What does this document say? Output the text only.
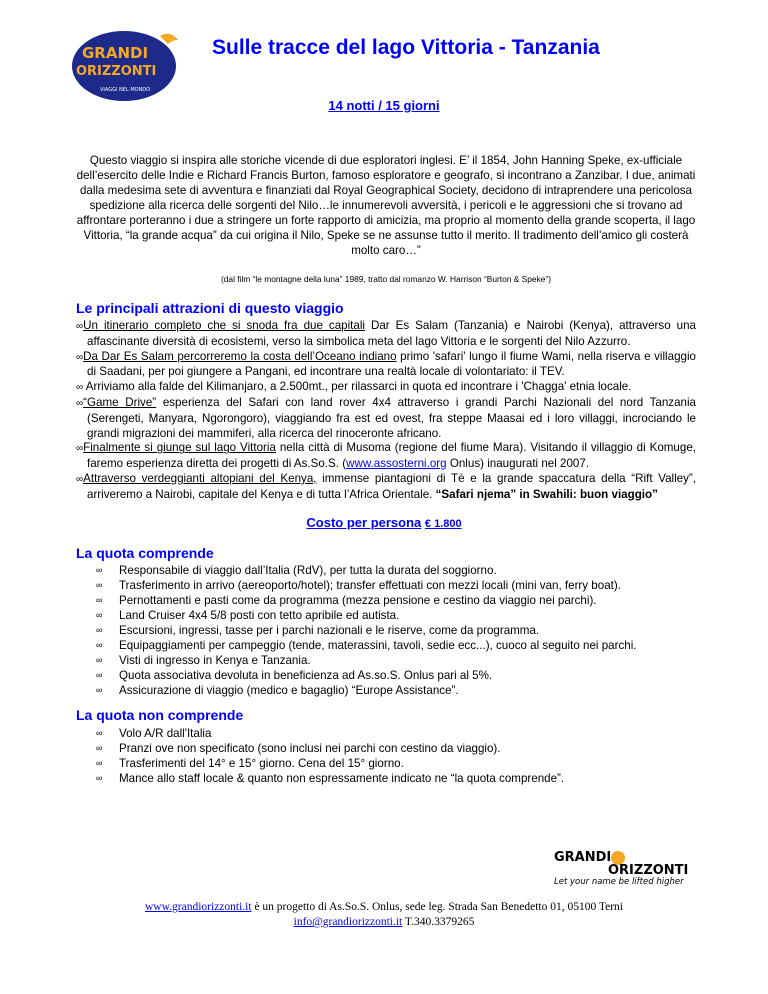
GRANDI
ORIZZONTI
VIAGGI NEL MONDO
Sulle tracce del lago Vittoria - Tanzania
14 notti / 15 giorni
Questo viaggio si inspira alle storiche vicende di due esploratori inglesi. E’ il 1854, John Hanning Speke, ex-ufficiale dell’esercito delle Indie e Richard Francis Burton, famoso esploratore e geografo, si incontrano a Zanzibar. I due, animati dalla medesima sete di avventura e finanziati dal Royal Geographical Society, decidono di intraprendere una pericolosa spedizione alla ricerca delle sorgenti del Nilo…le innumerevoli avversità, i pericoli e le aggressioni che si trovano ad affrontare porteranno i due a stringere un forte rapporto di amicizia, ma proprio al momento della grande scoperta, il lago Vittoria, “la grande acqua” da cui origina il Nilo, Speke se ne assunse tutto il merito. Il tradimento dell’amico gli costerà molto caro…”
(dal film “le montagne della luna” 1989, tratto dal romanzo W. Harrison “Burton & Speke”)
Le principali attrazioni di questo viaggio

∞Un itinerario completo che si snoda fra due capitali Dar Es Salam (Tanzania) e Nairobi (Kenya), attraverso una affascinante diversità di ecosistemi, verso la simbolica meta del lago Vittoria e le sorgenti del Nilo Azzurro.

∞Da Dar Es Salam percorreremo la costa dell’Oceano indiano primo 'safari' lungo il fiume Wami, nella riserva e villaggio di Saadani, per poi giungere a Pangani, ed incontrare una realtà locale di volontariato: il TEV.

∞ Arriviamo alla falde del Kilimanjaro, a 2.500mt., per rilassarci in quota ed incontrare i 'Chagga' etnia locale.

∞“Game Drive” esperienza del Safari con land rover 4x4 attraverso i grandi Parchi Nazionali del nord Tanzania (Serengeti, Manyara, Ngorongoro), viaggiando fra est ed ovest, fra steppe Maasai ed i loro villaggi, incrociando le grandi migrazioni dei mammiferi, alla ricerca del rinoceronte africano.

∞Finalmente si giunge sul lago Vittoria nella città di Musoma (regione del fiume Mara). Visitando il villaggio di Komuge, faremo esperienza diretta dei progetti di As.So.S. (www.assosterni.org Onlus) inaugurati nel 2007.

∞Attraverso verdeggianti altopiani del Kenya, immense piantagioni di Tè e la grande spaccatura della “Rift Valley”, arriveremo a Nairobi, capitale del Kenya e di tutta l’Africa Orientale. “Safari njema” in Swahili: buon viaggio”

Costo per persona € 1.800
La quota comprende
∞ Responsabile di viaggio dall’Italia (RdV), per tutta la durata del soggiorno.
∞ Trasferimento in arrivo (aereoporto/hotel); transfer effettuati con mezzi locali (mini van, ferry boat).
∞ Pernottamenti e pasti come da programma (mezza pensione e cestino da viaggio nei parchi).
∞ Land Cruiser 4x4 5/8 posti con tetto apribile ed autista.
∞ Escursioni, ingressi, tasse per i parchi nazionali e le riserve, come da programma.
∞ Equipaggiamenti per campeggio (tende, materassini, tavoli, sedie ecc...), cuoco al seguito nei parchi.
∞ Visti di ingresso in Kenya e Tanzania.
∞ Quota associativa devoluta in beneficienza ad As.so.S. Onlus pari al 5%.
∞ Assicurazione di viaggio (medico e bagaglio) “Europe Assistance”.
La quota non comprende
∞ Volo A/R dall'Italia
∞ Pranzi ove non specificato (sono inclusi nei parchi con cestino da viaggio).
∞ Trasferimenti del 14° e 15° giorno. Cena del 15° giorno.
∞ Mance allo staff locale & quanto non espressamente indicato ne “la quota comprende”.
GRANDI
ORIZZONTI
Let your name be lifted higher
www.grandiorizzonti.it è un progetto di As.So.S. Onlus, sede leg. Strada San Benedetto 01, 05100 Terni
info@grandiorizzonti.it T.340.3379265
